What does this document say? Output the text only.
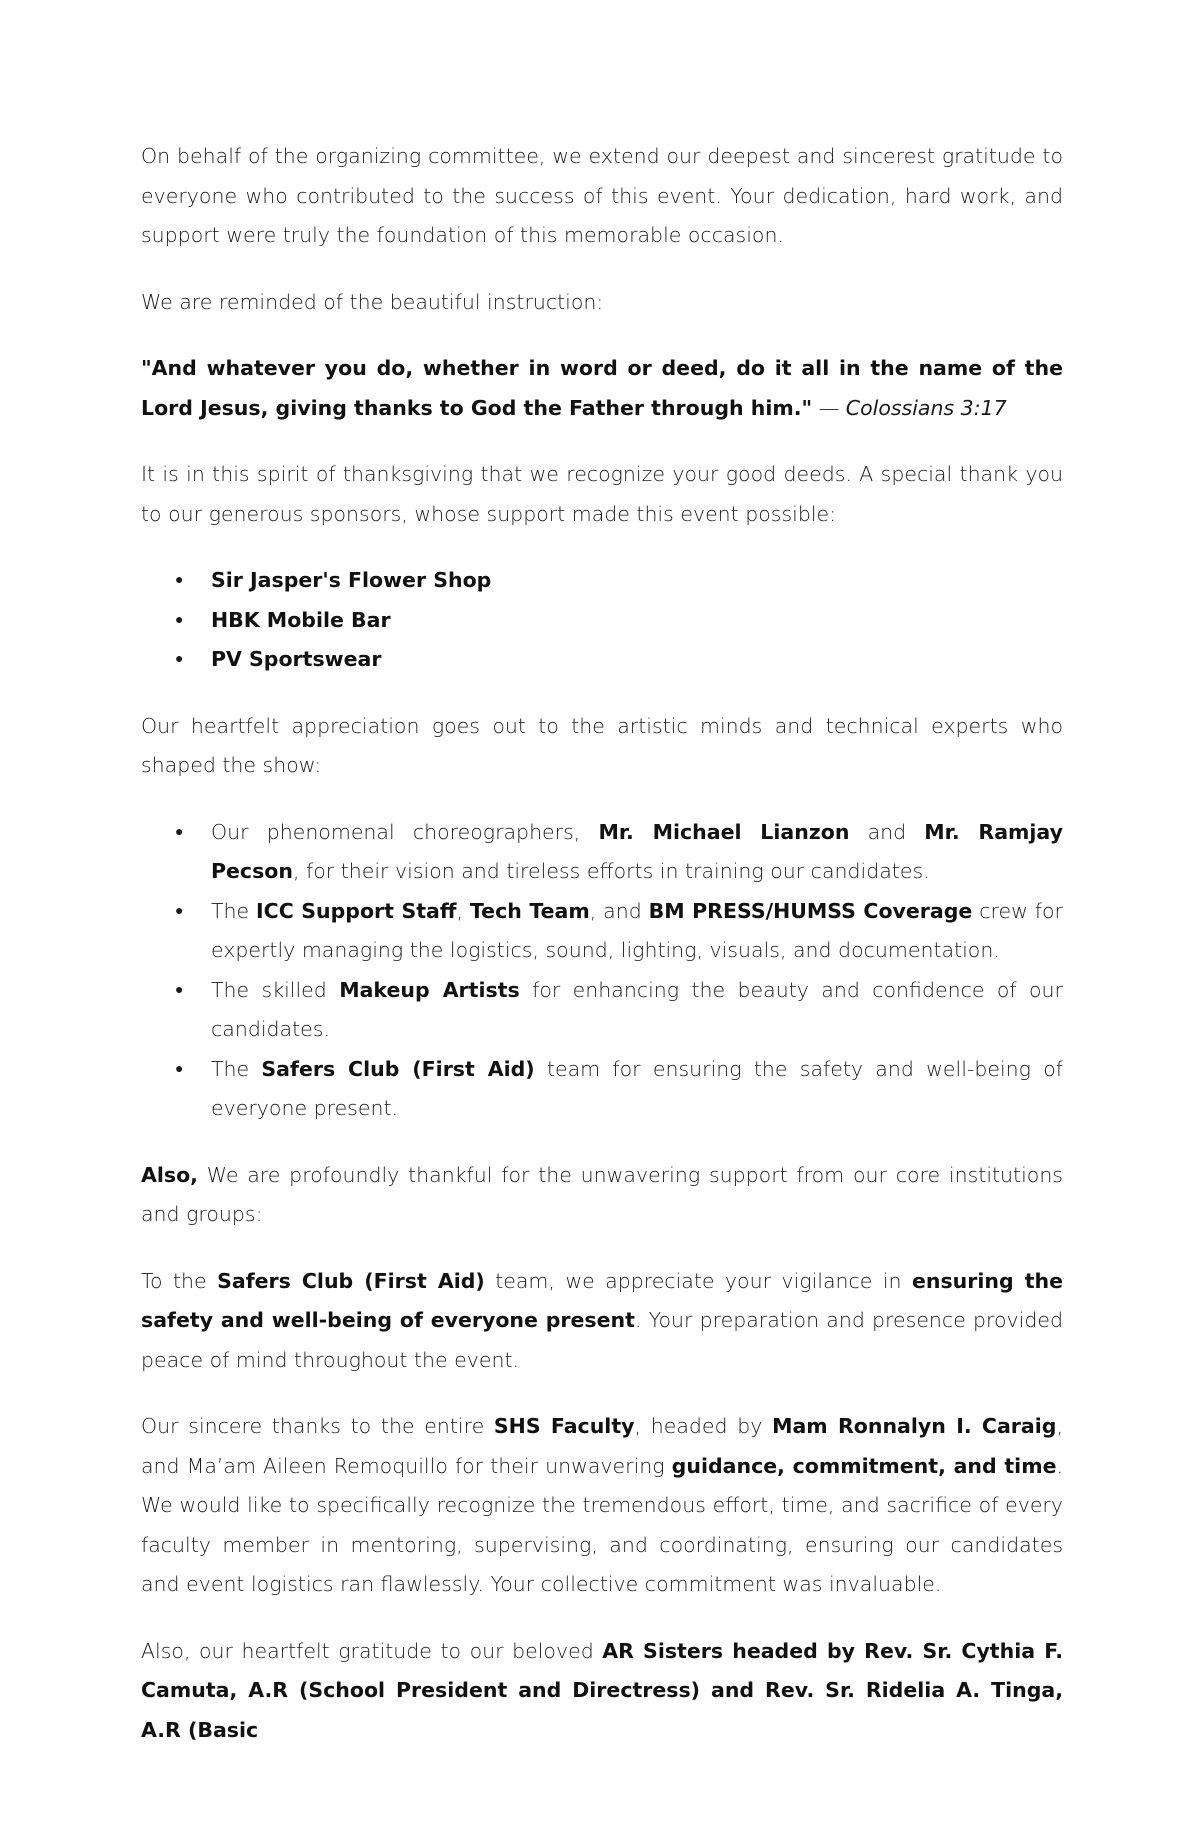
On behalf of the organizing committee, we extend our deepest and sincerest gratitude to everyone who contributed to the success of this event. Your dedication, hard work, and support were truly the foundation of this memorable occasion.

We are reminded of the beautiful instruction:

"And whatever you do, whether in word or deed, do it all in the name of the Lord Jesus, giving thanks to God the Father through him." — Colossians 3:17

It is in this spirit of thanksgiving that we recognize your good deeds. A special thank you to our generous sponsors, whose support made this event possible:

● Sir Jasper's Flower Shop
● HBK Mobile Bar
● PV Sportswear

Our heartfelt appreciation goes out to the artistic minds and technical experts who shaped the show:

● Our phenomenal choreographers, Mr. Michael Lianzon and Mr. Ramjay Pecson, for their vision and tireless efforts in training our candidates.
● The ICC Support Staff, Tech Team, and BM PRESS/HUMSS Coverage crew for expertly managing the logistics, sound, lighting, visuals, and documentation.
● The skilled Makeup Artists for enhancing the beauty and confidence of our candidates.
● The Safers Club (First Aid) team for ensuring the safety and well-being of everyone present.

Also, We are profoundly thankful for the unwavering support from our core institutions and groups:

To the Safers Club (First Aid) team, we appreciate your vigilance in ensuring the safety and well-being of everyone present. Your preparation and presence provided peace of mind throughout the event.

Our sincere thanks to the entire SHS Faculty, headed by Mam Ronnalyn I. Caraig, and Ma’am Aileen Remoquillo for their unwavering guidance, commitment, and time. We would like to specifically recognize the tremendous effort, time, and sacrifice of every faculty member in mentoring, supervising, and coordinating, ensuring our candidates and event logistics ran flawlessly. Your collective commitment was invaluable.

Also, our heartfelt gratitude to our beloved AR Sisters headed by Rev. Sr. Cythia F. Camuta, A.R (School President and Directress) and Rev. Sr. Ridelia A. Tinga, A.R (Basic
